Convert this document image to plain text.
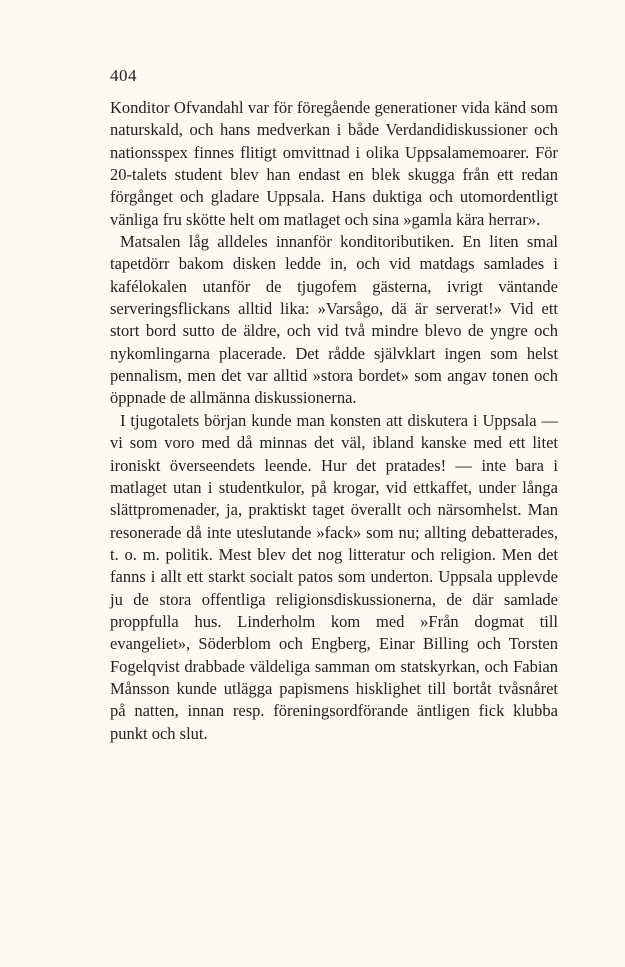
404

Konditor Ofvandahl var för föregående generationer vida känd som naturskald, och hans medverkan i både Verdandidiskussioner och nationsspex finnes flitigt omvittnad i olika Uppsalamemoarer. För 20-talets student blev han endast en blek skugga från ett redan förgånget och gladare Uppsala. Hans duktiga och utomordentligt vänliga fru skötte helt om matlaget och sina »gamla kära herrar».

Matsalen låg alldeles innanför konditoributiken. En liten smal tapetdörr bakom disken ledde in, och vid matdags samlades i kafélokalen utanför de tjugofem gästerna, ivrigt väntande serveringsflickans alltid lika: »Varsågo, dä är serverat!» Vid ett stort bord sutto de äldre, och vid två mindre blevo de yngre och nykomlingarna placerade. Det rådde självklart ingen som helst pennalism, men det var alltid »stora bordet» som angav tonen och öppnade de allmänna diskussionerna.

I tjugotalets början kunde man konsten att diskutera i Uppsala — vi som voro med då minnas det väl, ibland kanske med ett litet ironiskt överseendets leende. Hur det pratades! — inte bara i matlaget utan i studentkulor, på krogar, vid ettkaffet, under långa slättpromenader, ja, praktiskt taget överallt och närsomhelst. Man resonerade då inte uteslutande »fack» som nu; allting debatterades, t. o. m. politik. Mest blev det nog litteratur och religion. Men det fanns i allt ett starkt socialt patos som underton. Uppsala upplevde ju de stora offentliga religionsdiskussionerna, de där samlade proppfulla hus. Linderholm kom med »Från dogmat till evangeliet», Söderblom och Engberg, Einar Billing och Torsten Fogelqvist drabbade väldeliga samman om statskyrkan, och Fabian Månsson kunde utlägga papismens hisklighet till bortåt tvåsnåret på natten, innan resp. föreningsordförande äntligen fick klubba punkt och slut.
